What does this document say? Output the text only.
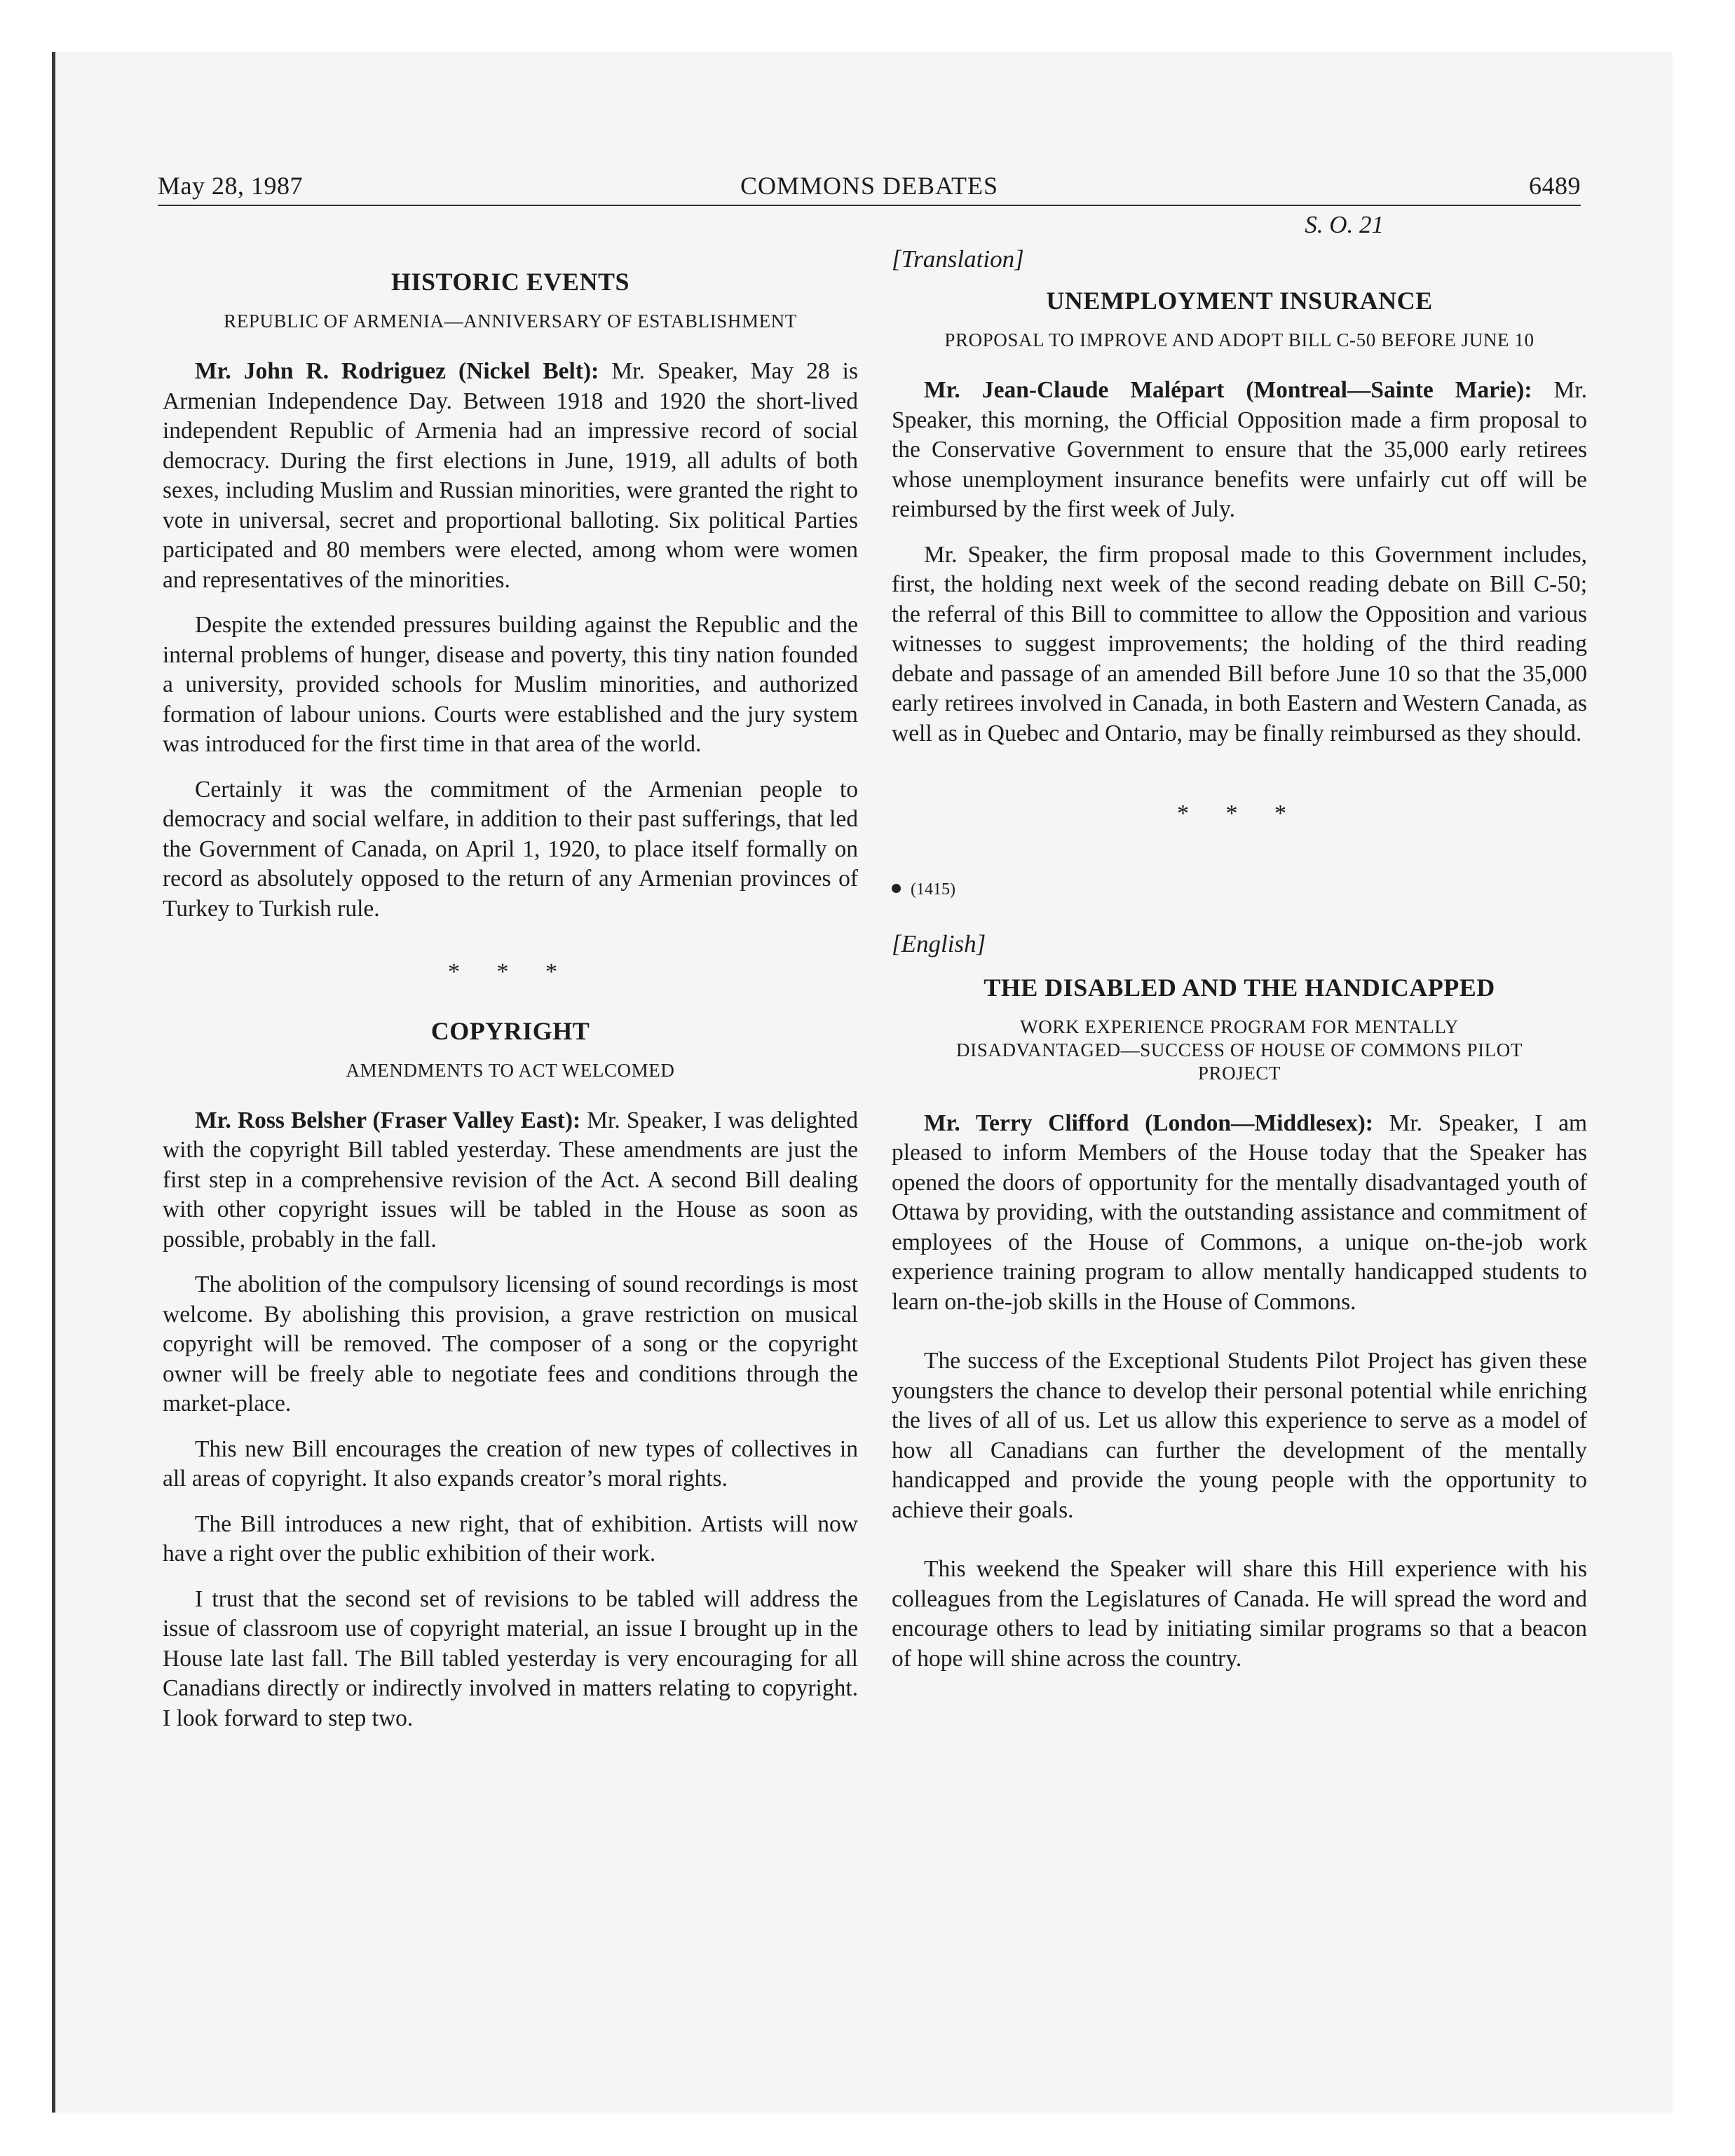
May 28, 1987	COMMONS DEBATES	6489
HISTORIC EVENTS
REPUBLIC OF ARMENIA—ANNIVERSARY OF ESTABLISHMENT

Mr. John R. Rodriguez (Nickel Belt): Mr. Speaker, May 28 is Armenian Independence Day. Between 1918 and 1920 the short-lived independent Republic of Armenia had an impressive record of social democracy. During the first elections in June, 1919, all adults of both sexes, including Muslim and Russian minorities, were granted the right to vote in universal, secret and proportional balloting. Six political Parties participated and 80 members were elected, among whom were women and representatives of the minorities.

Despite the extended pressures building against the Republic and the internal problems of hunger, disease and poverty, this tiny nation founded a university, provided schools for Muslim minorities, and authorized formation of labour unions. Courts were established and the jury system was introduced for the first time in that area of the world.

Certainly it was the commitment of the Armenian people to democracy and social welfare, in addition to their past sufferings, that led the Government of Canada, on April 1, 1920, to place itself formally on record as absolutely opposed to the return of any Armenian provinces of Turkey to Turkish rule.

* * *
COPYRIGHT
AMENDMENTS TO ACT WELCOMED

Mr. Ross Belsher (Fraser Valley East): Mr. Speaker, I was delighted with the copyright Bill tabled yesterday. These amendments are just the first step in a comprehensive revision of the Act. A second Bill dealing with other copyright issues will be tabled in the House as soon as possible, probably in the fall.

The abolition of the compulsory licensing of sound recordings is most welcome. By abolishing this provision, a grave restriction on musical copyright will be removed. The composer of a song or the copyright owner will be freely able to negotiate fees and conditions through the market-place.

This new Bill encourages the creation of new types of collectives in all areas of copyright. It also expands creator’s moral rights.

The Bill introduces a new right, that of exhibition. Artists will now have a right over the public exhibition of their work.

I trust that the second set of revisions to be tabled will address the issue of classroom use of copyright material, an issue I brought up in the House late last fall. The Bill tabled yesterday is very encouraging for all Canadians directly or indirectly involved in matters relating to copyright. I look forward to step two.

S. O. 21
[Translation]
UNEMPLOYMENT INSURANCE
PROPOSAL TO IMPROVE AND ADOPT BILL C-50 BEFORE JUNE 10

Mr. Jean-Claude Malépart (Montreal—Sainte Marie): Mr. Speaker, this morning, the Official Opposition made a firm proposal to the Conservative Government to ensure that the 35,000 early retirees whose unemployment insurance benefits were unfairly cut off will be reimbursed by the first week of July.

Mr. Speaker, the firm proposal made to this Government includes, first, the holding next week of the second reading debate on Bill C-50; the referral of this Bill to committee to allow the Opposition and various witnesses to suggest improvements; the holding of the third reading debate and passage of an amended Bill before June 10 so that the 35,000 early retirees involved in Canada, in both Eastern and Western Canada, as well as in Quebec and Ontario, may be finally reimbursed as they should.

* * *
(1415)
[English]
THE DISABLED AND THE HANDICAPPED
WORK EXPERIENCE PROGRAM FOR MENTALLY DISADVANTAGED—SUCCESS OF HOUSE OF COMMONS PILOT PROJECT

Mr. Terry Clifford (London—Middlesex): Mr. Speaker, I am pleased to inform Members of the House today that the Speaker has opened the doors of opportunity for the mentally disadvantaged youth of Ottawa by providing, with the outstanding assistance and commitment of employees of the House of Commons, a unique on-the-job work experience training program to allow mentally handicapped students to learn on-the-job skills in the House of Commons.

The success of the Exceptional Students Pilot Project has given these youngsters the chance to develop their personal potential while enriching the lives of all of us. Let us allow this experience to serve as a model of how all Canadians can further the development of the mentally handicapped and provide the young people with the opportunity to achieve their goals.

This weekend the Speaker will share this Hill experience with his colleagues from the Legislatures of Canada. He will spread the word and encourage others to lead by initiating similar programs so that a beacon of hope will shine across the country.
